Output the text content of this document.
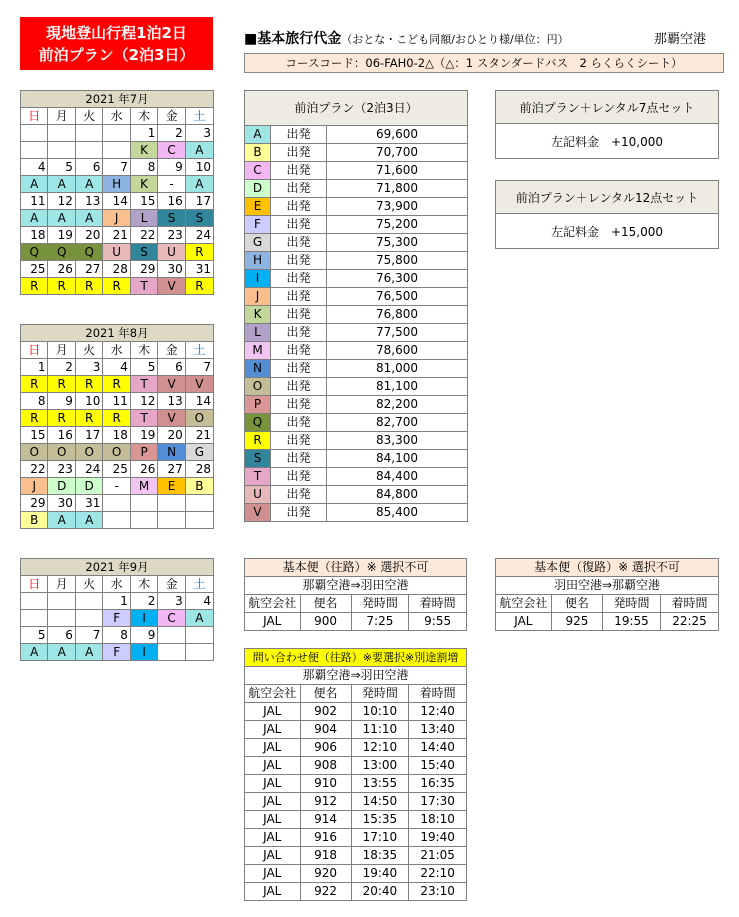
現地登山行程1泊2日
前泊プラン（2泊3日）
■基本旅行代金（おとな・こども同額/おひとり様/単位：円）	那覇空港
コースコード：06-FAH0-2△（△：1 スタンダードバス　2 らくらくシート）
2021 年7月						
日	月	火	水	木	金	土
				1	2	3
				K	C	A
4	5	6	7	8	9	10
A	A	A	H	K	-	A
11	12	13	14	15	16	17
A	A	A	J	L	S	S
18	19	20	21	22	23	24
Q	Q	Q	U	S	U	R
25	26	27	28	29	30	31
R	R	R	R	T	V	R
2021 年8月						
日	月	火	水	木	金	土
1	2	3	4	5	6	7
R	R	R	R	T	V	V
8	9	10	11	12	13	14
R	R	R	R	T	V	O
15	16	17	18	19	20	21
O	O	O	O	P	N	G
22	23	24	25	26	27	28
J	D	D	-	M	E	B
29	30	31				
B	A	A				
2021 年9月						
日	月	火	水	木	金	土
			1	2	3	4
			F	I	C	A
5	6	7	8	9		
A	A	A	F	I		
前泊プラン（2泊3日）		
A	出発	69,600
B	出発	70,700
C	出発	71,600
D	出発	71,800
E	出発	73,900
F	出発	75,200
G	出発	75,300
H	出発	75,800
I	出発	76,300
J	出発	76,500
K	出発	76,800
L	出発	77,500
M	出発	78,600
N	出発	81,000
O	出発	81,100
P	出発	82,200
Q	出発	82,700
R	出発	83,300
S	出発	84,100
T	出発	84,400
U	出発	84,800
V	出発	85,400
前泊プラン＋レンタル7点セット
左記料金　+10,000
前泊プラン＋レンタル12点セット
左記料金　+15,000
基本便（往路）※ 選択不可			
那覇空港⇒羽田空港			
航空会社	便名	発時間	着時間
JAL	900	7:25	9:55
基本便（復路）※ 選択不可			
羽田空港⇒那覇空港			
航空会社	便名	発時間	着時間
JAL	925	19:55	22:25
問い合わせ便（往路）※要選択※別途割増			
那覇空港⇒羽田空港			
航空会社	便名	発時間	着時間
JAL	902	10:10	12:40
JAL	904	11:10	13:40
JAL	906	12:10	14:40
JAL	908	13:00	15:40
JAL	910	13:55	16:35
JAL	912	14:50	17:30
JAL	914	15:35	18:10
JAL	916	17:10	19:40
JAL	918	18:35	21:05
JAL	920	19:40	22:10
JAL	922	20:40	23:10
